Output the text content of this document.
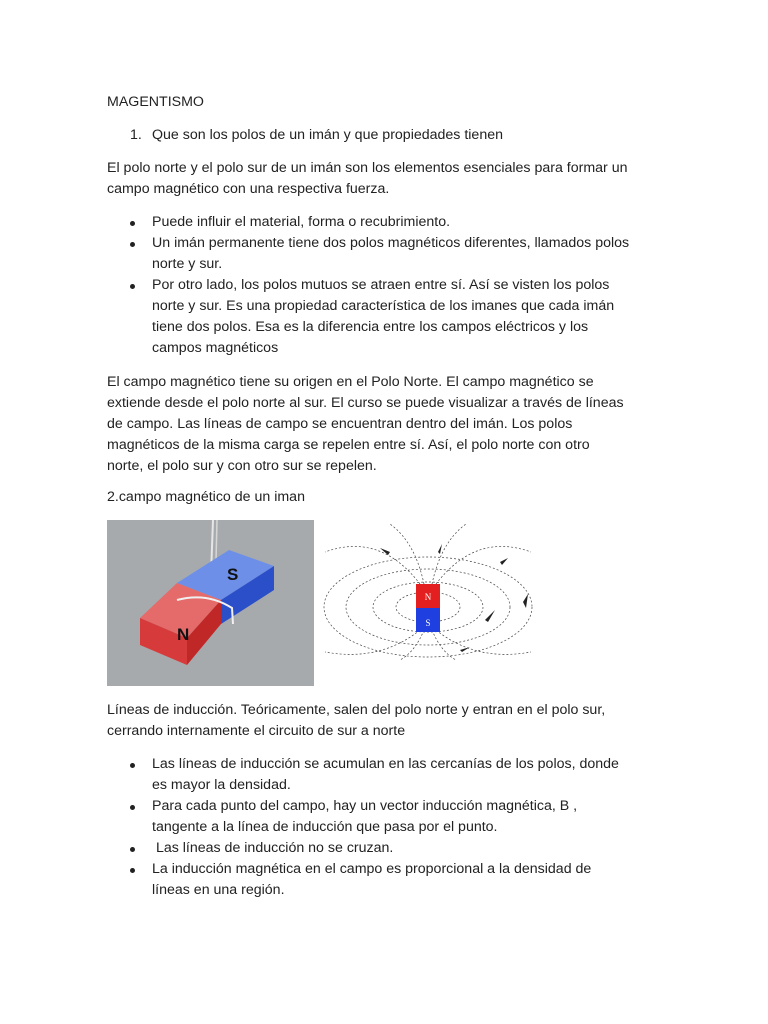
MAGENTISMO

1. Que son los polos de un imán y que propiedades tienen

El polo norte y el polo sur de un imán son los elementos esenciales para formar un

campo magnético con una respectiva fuerza.

Puede influir el material, forma o recubrimiento.

Un imán permanente tiene dos polos magnéticos diferentes, llamados polos

norte y sur.

Por otro lado, los polos mutuos se atraen entre sí. Así se visten los polos

norte y sur. Es una propiedad característica de los imanes que cada imán

tiene dos polos. Esa es la diferencia entre los campos eléctricos y los

campos magnéticos

El campo magnético tiene su origen en el Polo Norte. El campo magnético se

extiende desde el polo norte al sur. El curso se puede visualizar a través de líneas

de campo. Las líneas de campo se encuentran dentro del imán. Los polos

magnéticos de la misma carga se repelen entre sí. Así, el polo norte con otro

norte, el polo sur y con otro sur se repelen.

2.campo magnético de un iman

S
N
N
S

Líneas de inducción. Teóricamente, salen del polo norte y entran en el polo sur,

cerrando internamente el circuito de sur a norte

Las líneas de inducción se acumulan en las cercanías de los polos, donde

es mayor la densidad.

Para cada punto del campo, hay un vector inducción magnética, B ,

tangente a la línea de inducción que pasa por el punto.

Las líneas de inducción no se cruzan.

La inducción magnética en el campo es proporcional a la densidad de

líneas en una región.
